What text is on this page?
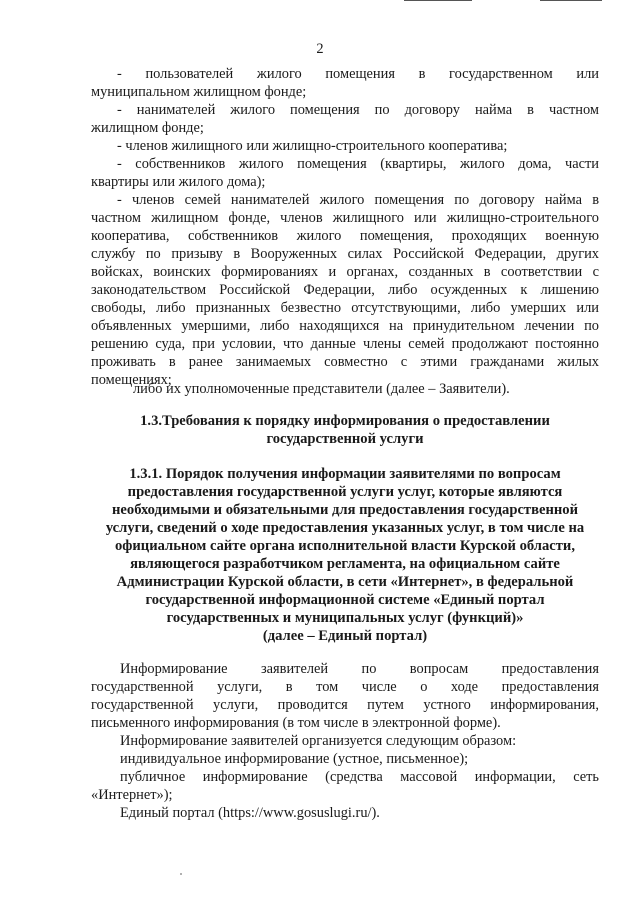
2
- пользователей жилого помещения в государственном или
муниципальном жилищном фонде;
- нанимателей жилого помещения по договору найма в частном
жилищном фонде;
- членов жилищного или жилищно-строительного кооператива;
- собственников жилого помещения (квартиры, жилого дома, части
квартиры или жилого дома);
- членов семей нанимателей жилого помещения по договору найма в
частном жилищном фонде, членов жилищного или жилищно-строительного
кооператива, собственников жилого помещения, проходящих военную
службу по призыву в Вооруженных силах Российской Федерации, других
войсках, воинских формированиях и органах, созданных в соответствии с
законодательством Российской Федерации, либо осужденных к лишению
свободы, либо признанных безвестно отсутствующими, либо умерших или
объявленных умершими, либо находящихся на принудительном лечении по
решению суда, при условии, что данные члены семей продолжают постоянно
проживать в ранее занимаемых совместно с этими гражданами жилых
помещениях;
либо их уполномоченные представители (далее – Заявители).
1.3.Требования к порядку информирования о предоставлении
государственной услуги
1.3.1. Порядок получения информации заявителями по вопросам
предоставления государственной услуги услуг, которые являются
необходимыми и обязательными для предоставления государственной
услуги, сведений о ходе предоставления указанных услуг, в том числе на
официальном сайте органа исполнительной власти Курской области,
являющегося разработчиком регламента, на официальном сайте
Администрации Курской области, в сети «Интернет», в федеральной
государственной информационной системе «Единый портал
государственных и муниципальных услуг (функций)»
(далее – Единый портал)
Информирование заявителей по вопросам предоставления
государственной услуги, в том числе о ходе предоставления
государственной услуги, проводится путем устного информирования,
письменного информирования (в том числе в электронной форме).
Информирование заявителей организуется следующим образом:
индивидуальное информирование (устное, письменное);
публичное информирование (средства массовой информации, сеть
«Интернет»);
Единый портал (https://www.gosuslugi.ru/).
